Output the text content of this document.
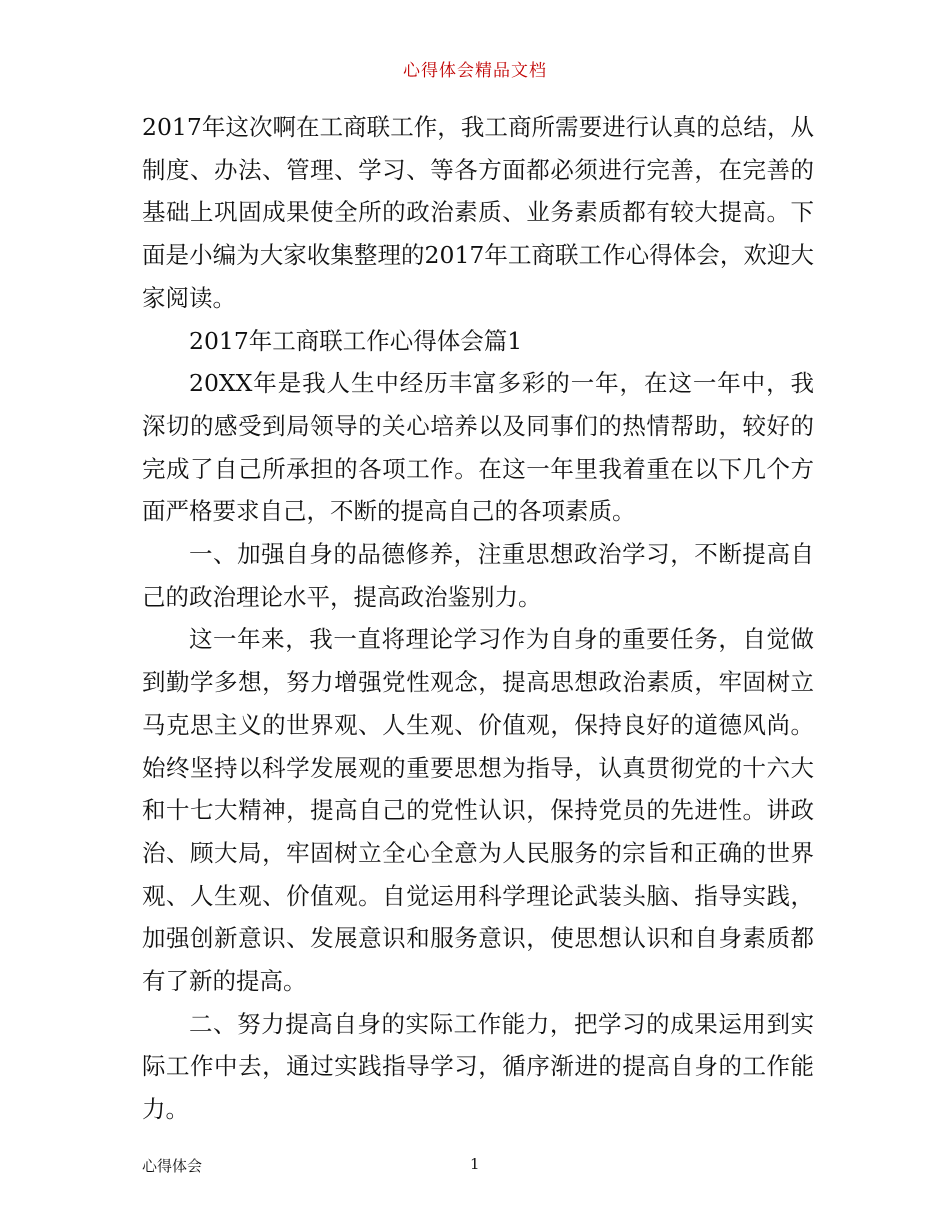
心得体会精品文档

2017年这次啊在工商联工作，我工商所需要进行认真的总结，从制度、办法、管理、学习、等各方面都必须进行完善，在完善的基础上巩固成果使全所的政治素质、业务素质都有较大提高。下面是小编为大家收集整理的2017年工商联工作心得体会，欢迎大家阅读。

2017年工商联工作心得体会篇1

20XX年是我人生中经历丰富多彩的一年，在这一年中，我深切的感受到局领导的关心培养以及同事们的热情帮助，较好的完成了自己所承担的各项工作。在这一年里我着重在以下几个方面严格要求自己，不断的提高自己的各项素质。

一、加强自身的品德修养，注重思想政治学习，不断提高自己的政治理论水平，提高政治鉴别力。

这一年来，我一直将理论学习作为自身的重要任务，自觉做到勤学多想，努力增强党性观念，提高思想政治素质，牢固树立马克思主义的世界观、人生观、价值观，保持良好的道德风尚。始终坚持以科学发展观的重要思想为指导，认真贯彻党的十六大和十七大精神，提高自己的党性认识，保持党员的先进性。讲政治、顾大局，牢固树立全心全意为人民服务的宗旨和正确的世界观、人生观、价值观。自觉运用科学理论武装头脑、指导实践，加强创新意识、发展意识和服务意识，使思想认识和自身素质都有了新的提高。

二、努力提高自身的实际工作能力，把学习的成果运用到实际工作中去，通过实践指导学习，循序渐进的提高自身的工作能力。

心得体会	1
